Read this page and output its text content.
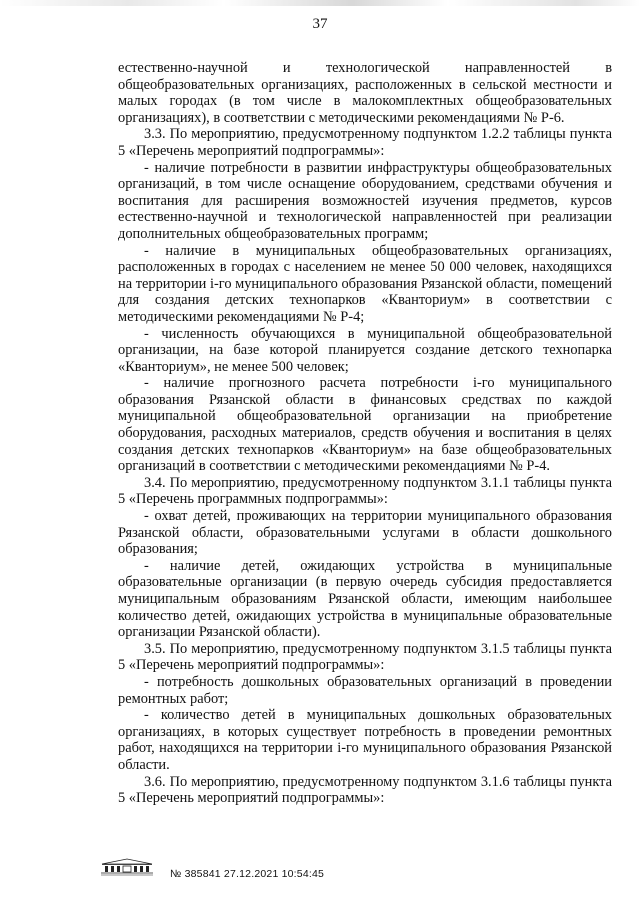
37

естественно-научной и технологической направленностей в общеобразовательных организациях, расположенных в сельской местности и малых городах (в том числе в малокомплектных общеобразовательных организациях), в соответствии с методическими рекомендациями № Р-6.

3.3. По мероприятию, предусмотренному подпунктом 1.2.2 таблицы пункта 5 «Перечень мероприятий подпрограммы»:

- наличие потребности в развитии инфраструктуры общеобразовательных организаций, в том числе оснащение оборудованием, средствами обучения и воспитания для расширения возможностей изучения предметов, курсов естественно-научной и технологической направленностей при реализации дополнительных общеобразовательных программ;

- наличие в муниципальных общеобразовательных организациях, расположенных в городах с населением не менее 50 000 человек, находящихся на территории i-го муниципального образования Рязанской области, помещений для создания детских технопарков «Кванториум» в соответствии с методическими рекомендациями № Р-4;

- численность обучающихся в муниципальной общеобразовательной организации, на базе которой планируется создание детского технопарка «Кванториум», не менее 500 человек;

- наличие прогнозного расчета потребности i-го муниципального образования Рязанской области в финансовых средствах по каждой муниципальной общеобразовательной организации на приобретение оборудования, расходных материалов, средств обучения и воспитания в целях создания детских технопарков «Кванториум» на базе общеобразовательных организаций в соответствии с методическими рекомендациями № Р-4.

3.4. По мероприятию, предусмотренному подпунктом 3.1.1 таблицы пункта 5 «Перечень программных подпрограммы»:

- охват детей, проживающих на территории муниципального образования Рязанской области, образовательными услугами в области дошкольного образования;

- наличие детей, ожидающих устройства в муниципальные образовательные организации (в первую очередь субсидия предоставляется муниципальным образованиям Рязанской области, имеющим наибольшее количество детей, ожидающих устройства в муниципальные образовательные организации Рязанской области).

3.5. По мероприятию, предусмотренному подпунктом 3.1.5 таблицы пункта 5 «Перечень мероприятий подпрограммы»:

- потребность дошкольных образовательных организаций в проведении ремонтных работ;

- количество детей в муниципальных дошкольных образовательных организациях, в которых существует потребность в проведении ремонтных работ, находящихся на территории i-го муниципального образования Рязанской области.

3.6. По мероприятию, предусмотренному подпунктом 3.1.6 таблицы пункта 5 «Перечень мероприятий подпрограммы»:

№ 385841 27.12.2021 10:54:45
